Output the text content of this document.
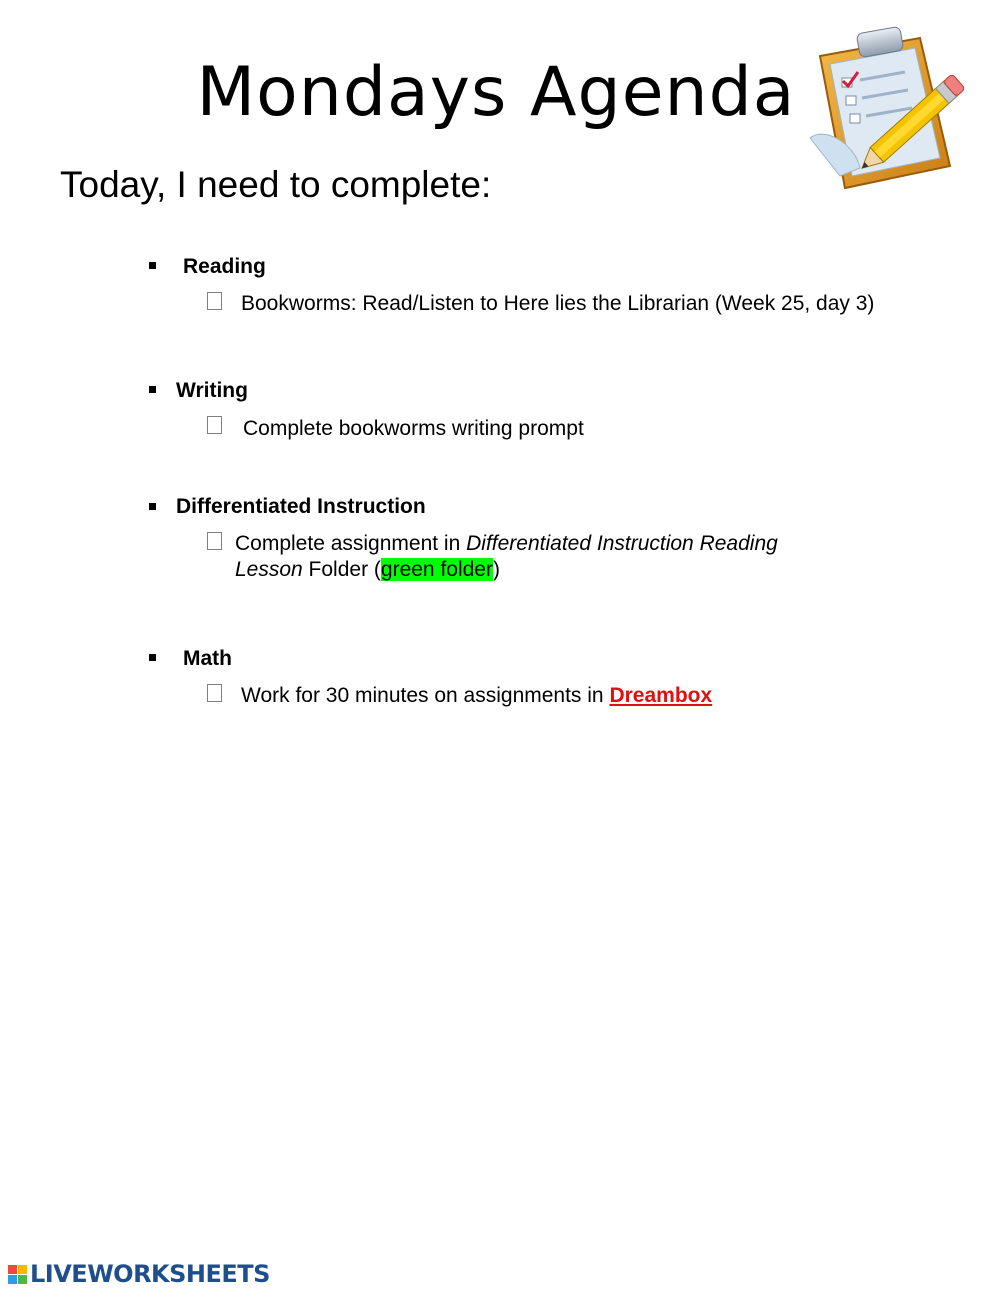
Mondays Agenda
Today, I need to complete:
Reading
Bookworms: Read/Listen to Here lies the Librarian (Week 25, day 3)
Writing
Complete bookworms writing prompt
Differentiated Instruction
Complete assignment in Differentiated Instruction Reading
Lesson Folder (green folder)
Math
Work for 30 minutes on assignments in Dreambox
LIVEWORKSHEETS
